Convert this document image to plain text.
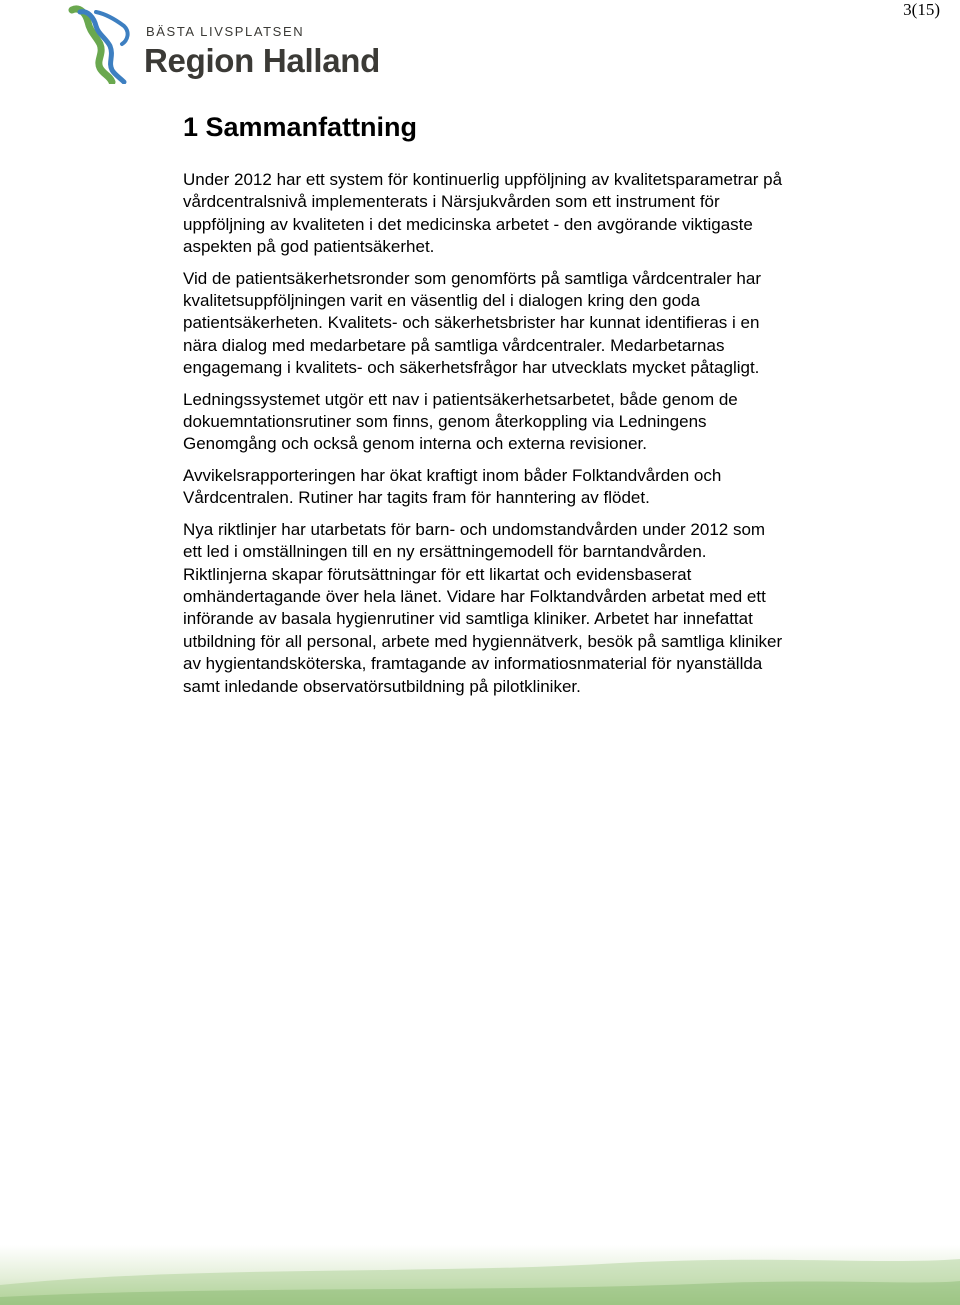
3(15)
BÄSTA LIVSPLATSEN
Region Halland
1 Sammanfattning

Under 2012 har ett system för kontinuerlig uppföljning av kvalitetsparametrar på
vårdcentralsnivå implementerats i Närsjukvården som ett instrument för
uppföljning av kvaliteten i det medicinska arbetet - den avgörande viktigaste
aspekten på god patientsäkerhet.

Vid de patientsäkerhetsronder som genomförts på samtliga vårdcentraler har
kvalitetsuppföljningen varit en väsentlig del i dialogen kring den goda
patientsäkerheten. Kvalitets- och säkerhetsbrister har kunnat identifieras i en
nära dialog med medarbetare på samtliga vårdcentraler. Medarbetarnas
engagemang i kvalitets- och säkerhetsfrågor har utvecklats mycket påtagligt.

Ledningssystemet utgör ett nav i patientsäkerhetsarbetet, både genom de
dokuemntationsrutiner som finns, genom återkoppling via Ledningens
Genomgång och också genom interna och externa revisioner.

Avvikelsrapporteringen har ökat kraftigt inom båder Folktandvården och
Vårdcentralen. Rutiner har tagits fram för hanntering av flödet.

Nya riktlinjer har utarbetats för barn- och undomstandvården under 2012 som
ett led i omställningen till en ny ersättningemodell för barntandvården.
Riktlinjerna skapar förutsättningar för ett likartat och evidensbaserat
omhändertagande över hela länet. Vidare har Folktandvården arbetat med ett
införande av basala hygienrutiner vid samtliga kliniker. Arbetet har innefattat
utbildning för all personal, arbete med hygiennätverk, besök på samtliga kliniker
av hygientandsköterska, framtagande av informatiosnmaterial för nyanställda
samt inledande observatörsutbildning på pilotkliniker.
